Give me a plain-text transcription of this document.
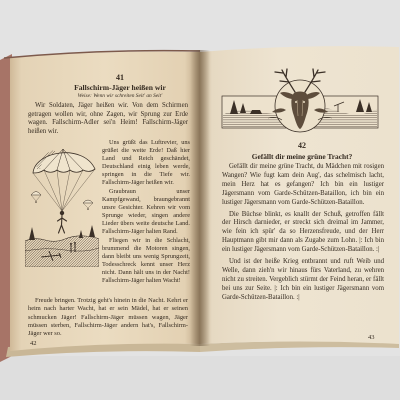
41
Fallschirm-Jäger heißen wir
Weise: Wenn wir schreiten Seit' an Seit'

Wir Soldaten, Jäger heißen wir. Von dem Schirmen getragen wollen wir, ohne Zagen, wir Sprung zur Erde wagen. Fallschirm-Adler sei'n Heim! Fallschirm-Jäger heißen wir.

Uns grüßt das Luftrevier, uns grüßet die weite Erde! Daß hier Land und Reich geschändet, Deutschland einig leben werde, springen in die Tiefe wir. Fallschirm-Jäger heißen wir.

Graubraun unser Kampfgewand, braungebrannt unsre Gesichter. Kehren wir vom Sprunge wieder, singen andere Lieder übers weite deutsche Land. Fallschirm-Jäger halten Rand.

Fliegen wir in die Schlacht, brummend die Motoren singen, dann bleibt uns wenig Sprungzeit, Todesschreck kennt unser Herz nicht. Dann hält uns in der Nacht! Fallschirm-Jäger halten Wacht!

Freude bringen. Trotzig geht's hinein in die Nacht. Kehrt er heim nach harter Wacht, hat er sein Mädel, hat er seinen schmucken Jäger! Fallschirm-Jäger müssen wagen, Jäger müssen sterben, Fallschirm-Jäger andern hat's, Fallschirm-Jäger wer so.

42
42
Gefällt dir meine grüne Tracht?

Gefällt dir meine grüne Tracht, du Mädchen mit rosigen Wangen? Wie fugt kam dein Aug', das schelmisch lacht, mein Herz hat es gefangen? Ich bin ein lustiger Jägersmann vom Garde-Schützen-Bataillon, ich bin ein lustiger Jägersmann vom Garde-Schützen-Bataillon.

Die Büchse blinkt, es knallt der Schuß, getroffen fällt der Hirsch darnieder, er streckt sich dreimal im Jammer, wie fein ich spür' da so Herzensfreude, und der Herr Hauptmann gibt mir dann als Zugabe zum Lohn. |: Ich bin ein lustiger Jägersmann vom Garde-Schützen-Bataillon. :|

Und ist der heiße Krieg entbrannt und ruft Weib und Welle, dann zieh'n wir hinaus fürs Vaterland, zu wehren nicht zu streiten. Vergeblich stürmt der Feind heran, er fällt bei uns zur Seite. |: Ich bin ein lustiger Jägersmann vom Garde-Schützen-Bataillon. :|

43
